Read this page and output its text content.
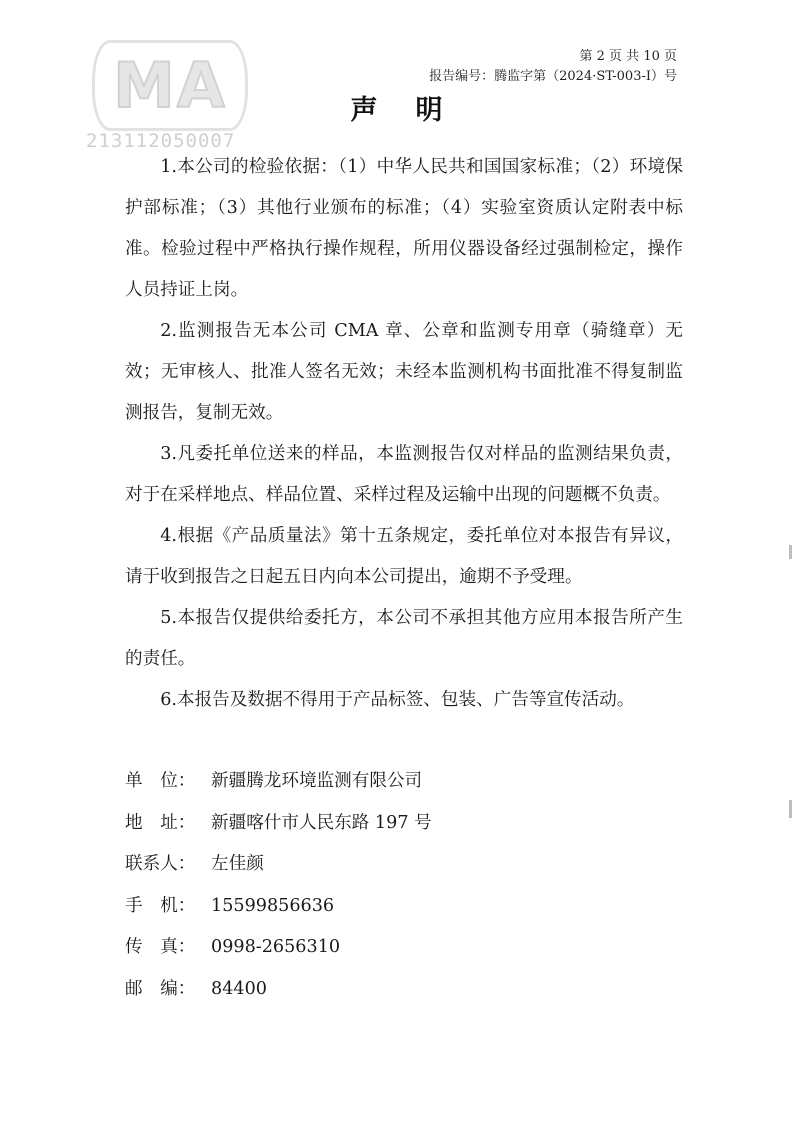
MA
213112050007
第 2 页 共 10 页
报告编号：腾监字第（2024·ST-003-Ⅰ）号
声明

1.本公司的检验依据：（1）中华人民共和国国家标准；（2）环境保护部标准；（3）其他行业颁布的标准；（4）实验室资质认定附表中标准。检验过程中严格执行操作规程，所用仪器设备经过强制检定，操作人员持证上岗。

2.监测报告无本公司 CMA 章、公章和监测专用章（骑缝章）无效；无审核人、批准人签名无效；未经本监测机构书面批准不得复制监测报告，复制无效。

3.凡委托单位送来的样品，本监测报告仅对样品的监测结果负责，对于在采样地点、样品位置、采样过程及运输中出现的问题概不负责。

4.根据《产品质量法》第十五条规定，委托单位对本报告有异议，请于收到报告之日起五日内向本公司提出，逾期不予受理。

5.本报告仅提供给委托方，本公司不承担其他方应用本报告所产生的责任。

6.本报告及数据不得用于产品标签、包装、广告等宣传活动。

单　位： 新疆腾龙环境监测有限公司
地　址： 新疆喀什市人民东路 197 号
联系人： 左佳颜
手　机： 15599856636
传　真： 0998-2656310
邮　编： 84400
